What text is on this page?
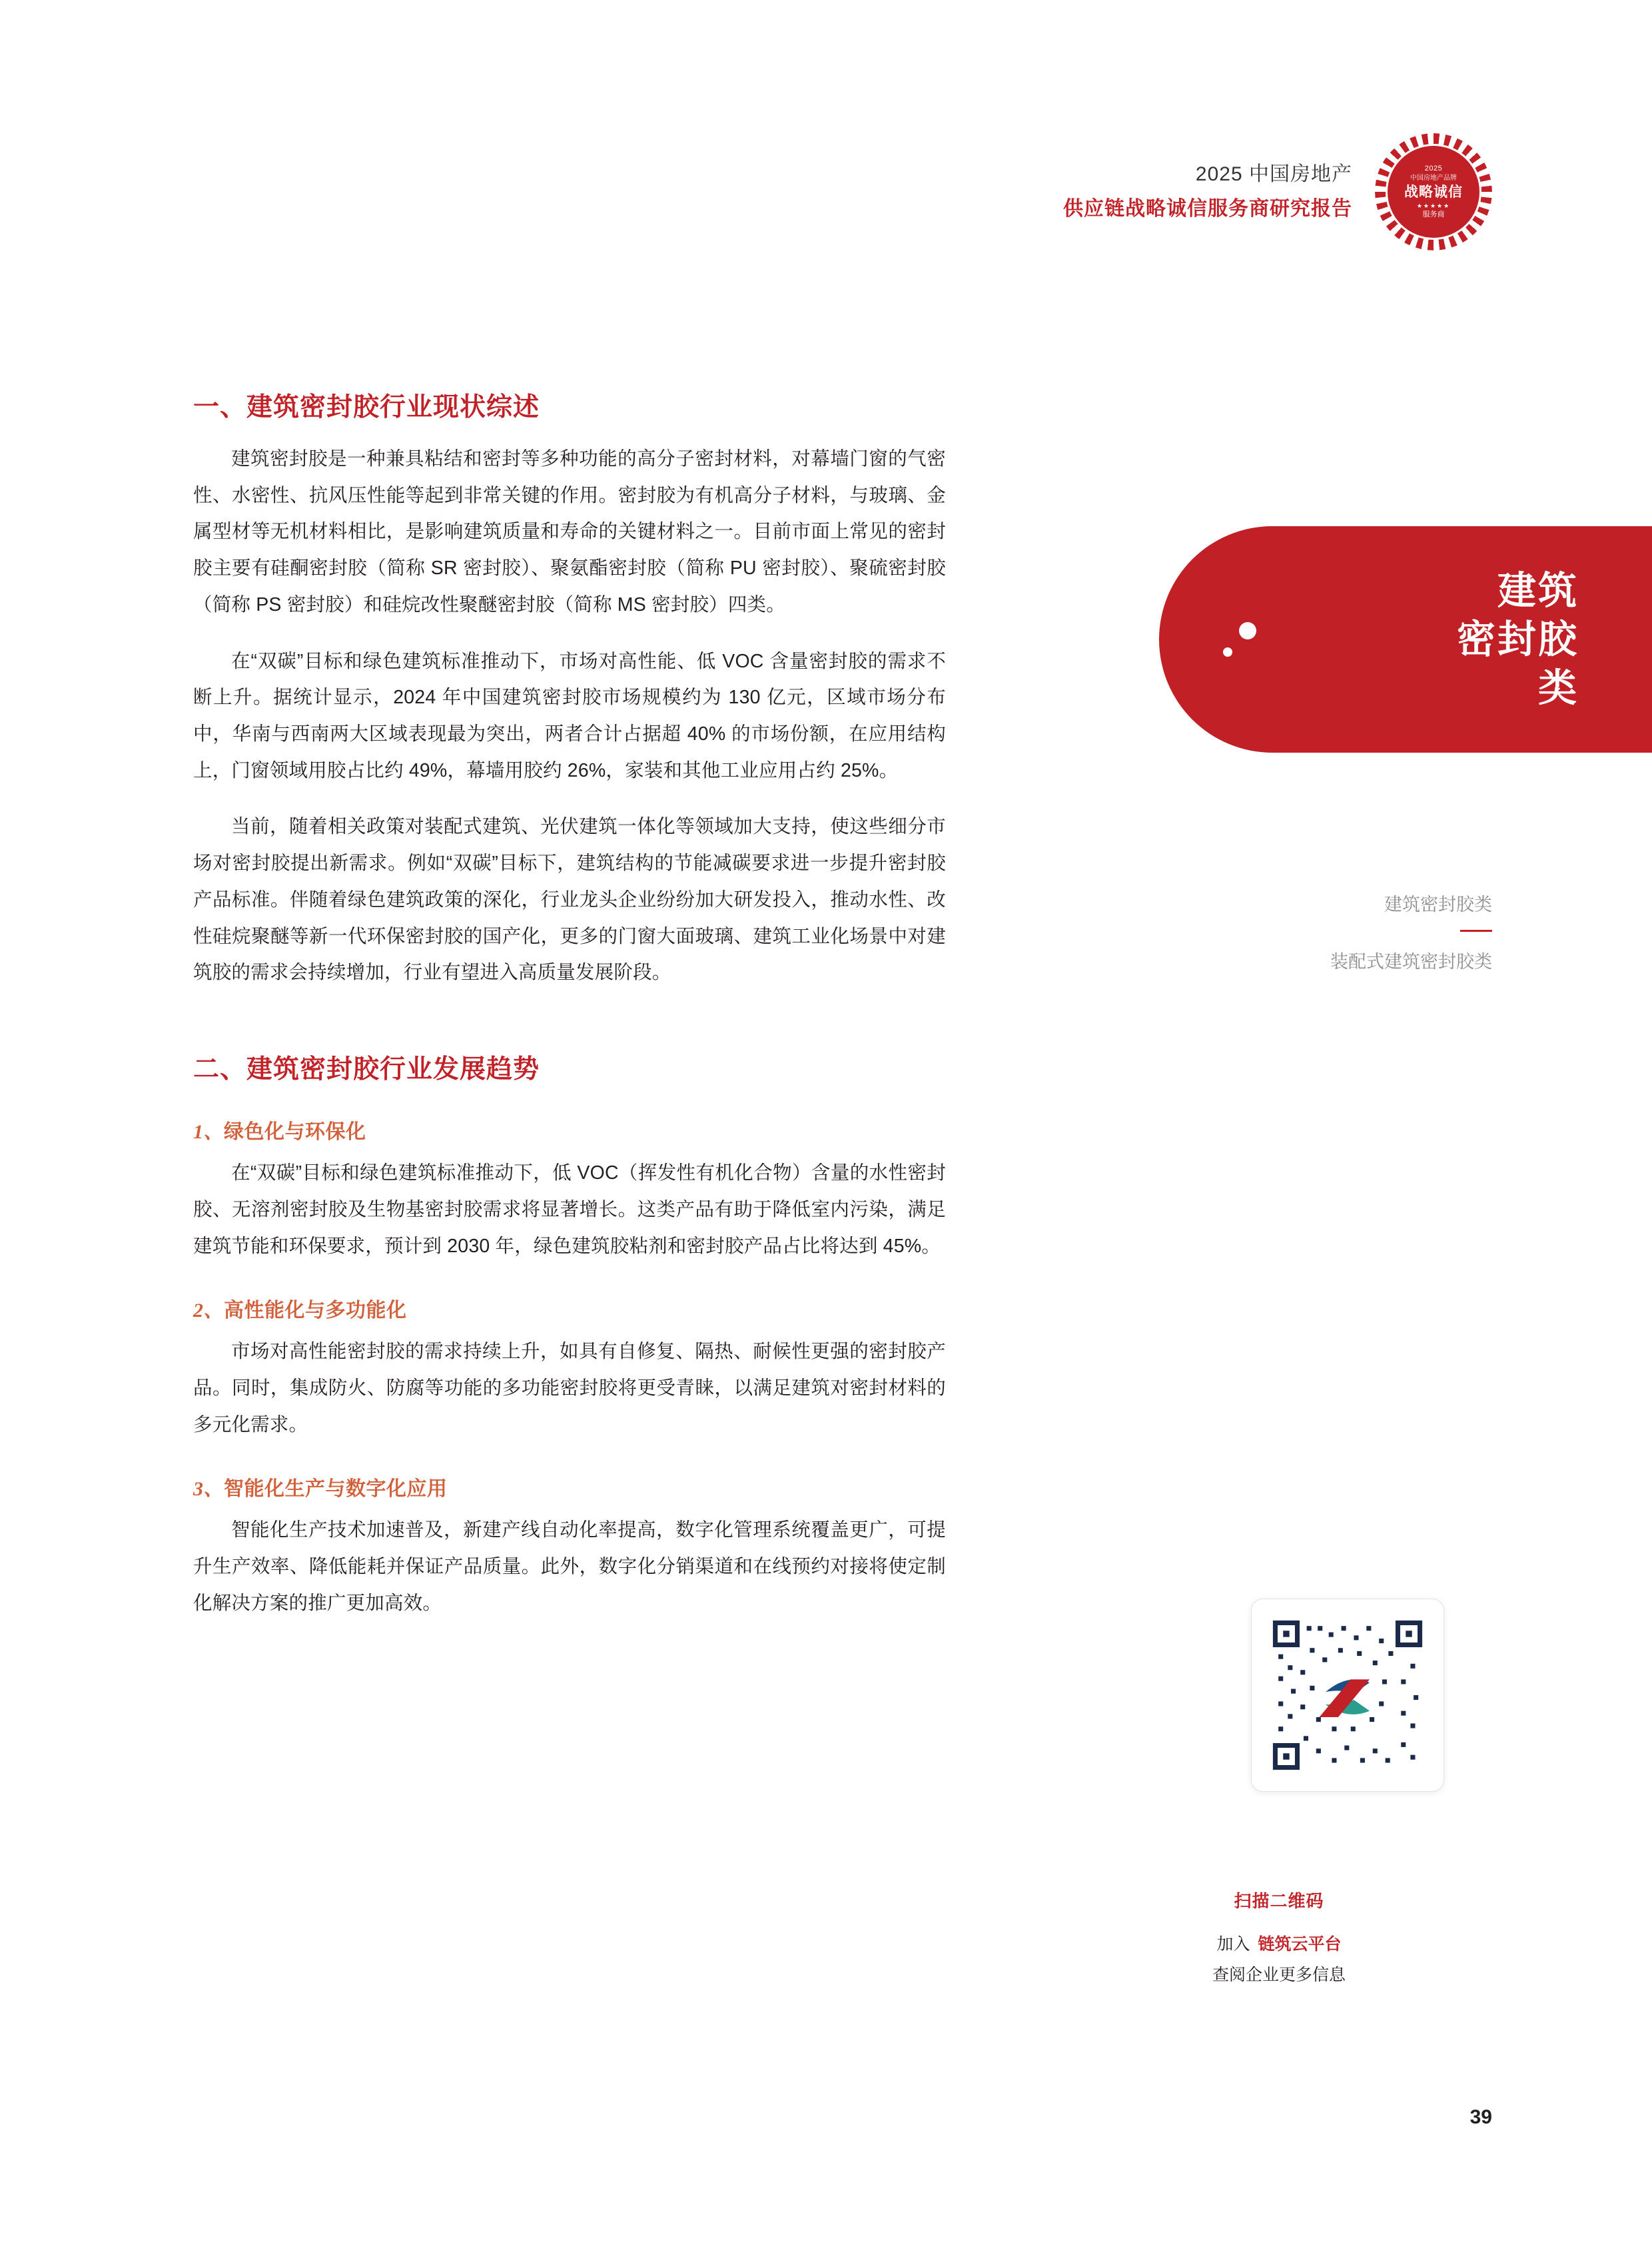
2025 中国房地产
供应链战略诚信服务商研究报告
2025
中国房地产品牌
战略诚信
★★★★★
服务商
建筑
密封胶
类
建筑密封胶类
装配式建筑密封胶类
一、建筑密封胶行业现状综述

建筑密封胶是一种兼具粘结和密封等多种功能的高分子密封材料，对幕墙门窗的气密性、水密性、抗风压性能等起到非常关键的作用。密封胶为有机高分子材料，与玻璃、金属型材等无机材料相比，是影响建筑质量和寿命的关键材料之一。目前市面上常见的密封胶主要有硅酮密封胶（简称 SR 密封胶）、聚氨酯密封胶（简称 PU 密封胶）、聚硫密封胶（简称 PS 密封胶）和硅烷改性聚醚密封胶（简称 MS 密封胶）四类。

在“双碳”目标和绿色建筑标准推动下，市场对高性能、低 VOC 含量密封胶的需求不断上升。据统计显示，2024 年中国建筑密封胶市场规模约为 130 亿元，区域市场分布中，华南与西南两大区域表现最为突出，两者合计占据超 40% 的市场份额，在应用结构上，门窗领域用胶占比约 49%，幕墙用胶约 26%，家装和其他工业应用占约 25%。

当前，随着相关政策对装配式建筑、光伏建筑一体化等领域加大支持，使这些细分市场对密封胶提出新需求。例如“双碳”目标下，建筑结构的节能减碳要求进一步提升密封胶产品标准。伴随着绿色建筑政策的深化，行业龙头企业纷纷加大研发投入，推动水性、改性硅烷聚醚等新一代环保密封胶的国产化，更多的门窗大面玻璃、建筑工业化场景中对建筑胶的需求会持续增加，行业有望进入高质量发展阶段。

二、建筑密封胶行业发展趋势
1、绿色化与环保化

在“双碳”目标和绿色建筑标准推动下，低 VOC（挥发性有机化合物）含量的水性密封胶、无溶剂密封胶及生物基密封胶需求将显著增长。这类产品有助于降低室内污染，满足建筑节能和环保要求，预计到 2030 年，绿色建筑胶粘剂和密封胶产品占比将达到 45%。

2、高性能化与多功能化

市场对高性能密封胶的需求持续上升，如具有自修复、隔热、耐候性更强的密封胶产品。同时，集成防火、防腐等功能的多功能密封胶将更受青睐，以满足建筑对密封材料的多元化需求。

3、智能化生产与数字化应用

智能化生产技术加速普及，新建产线自动化率提高，数字化管理系统覆盖更广，可提升生产效率、降低能耗并保证产品质量。此外，数字化分销渠道和在线预约对接将使定制化解决方案的推广更加高效。

扫描二维码
加入 链筑云平台
查阅企业更多信息
39
